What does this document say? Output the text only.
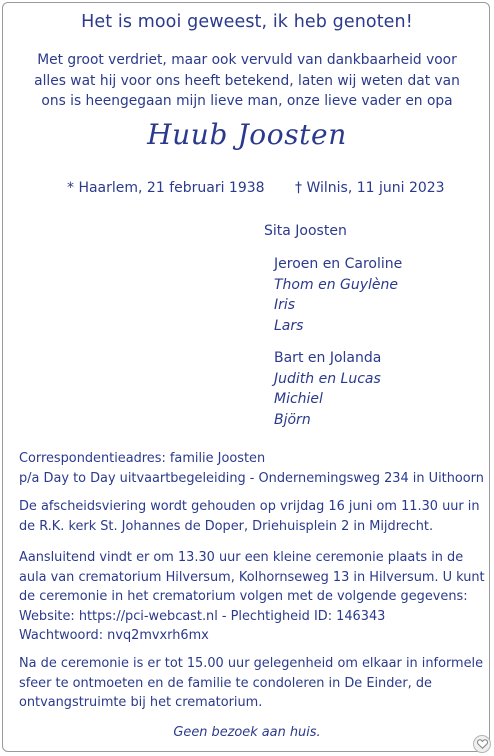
Het is mooi geweest, ik heb genoten!
Met groot verdriet, maar ook vervuld van dankbaarheid voor
alles wat hij voor ons heeft betekend, laten wij weten dat van
ons is heengegaan mijn lieve man, onze lieve vader en opa
Huub Joosten
* Haarlem, 21 februari 1938 † Wilnis, 11 juni 2023
Sita Joosten
Jeroen en Caroline
Thom en Guylène
Iris
Lars
Bart en Jolanda
Judith en Lucas
Michiel
Björn
Correspondentieadres: familie Joosten
p/a Day to Day uitvaartbegeleiding - Ondernemingsweg 234 in Uithoorn
De afscheidsviering wordt gehouden op vrijdag 16 juni om 11.30 uur in
de R.K. kerk St. Johannes de Doper, Driehuisplein 2 in Mijdrecht.
Aansluitend vindt er om 13.30 uur een kleine ceremonie plaats in de
aula van crematorium Hilversum, Kolhornseweg 13 in Hilversum. U kunt
de ceremonie in het crematorium volgen met de volgende gegevens:
Website: https://pci-webcast.nl - Plechtigheid ID: 146343
Wachtwoord: nvq2mvxrh6mx
Na de ceremonie is er tot 15.00 uur gelegenheid om elkaar in informele
sfeer te ontmoeten en de familie te condoleren in De Einder, de
ontvangstruimte bij het crematorium.
Geen bezoek aan huis.
